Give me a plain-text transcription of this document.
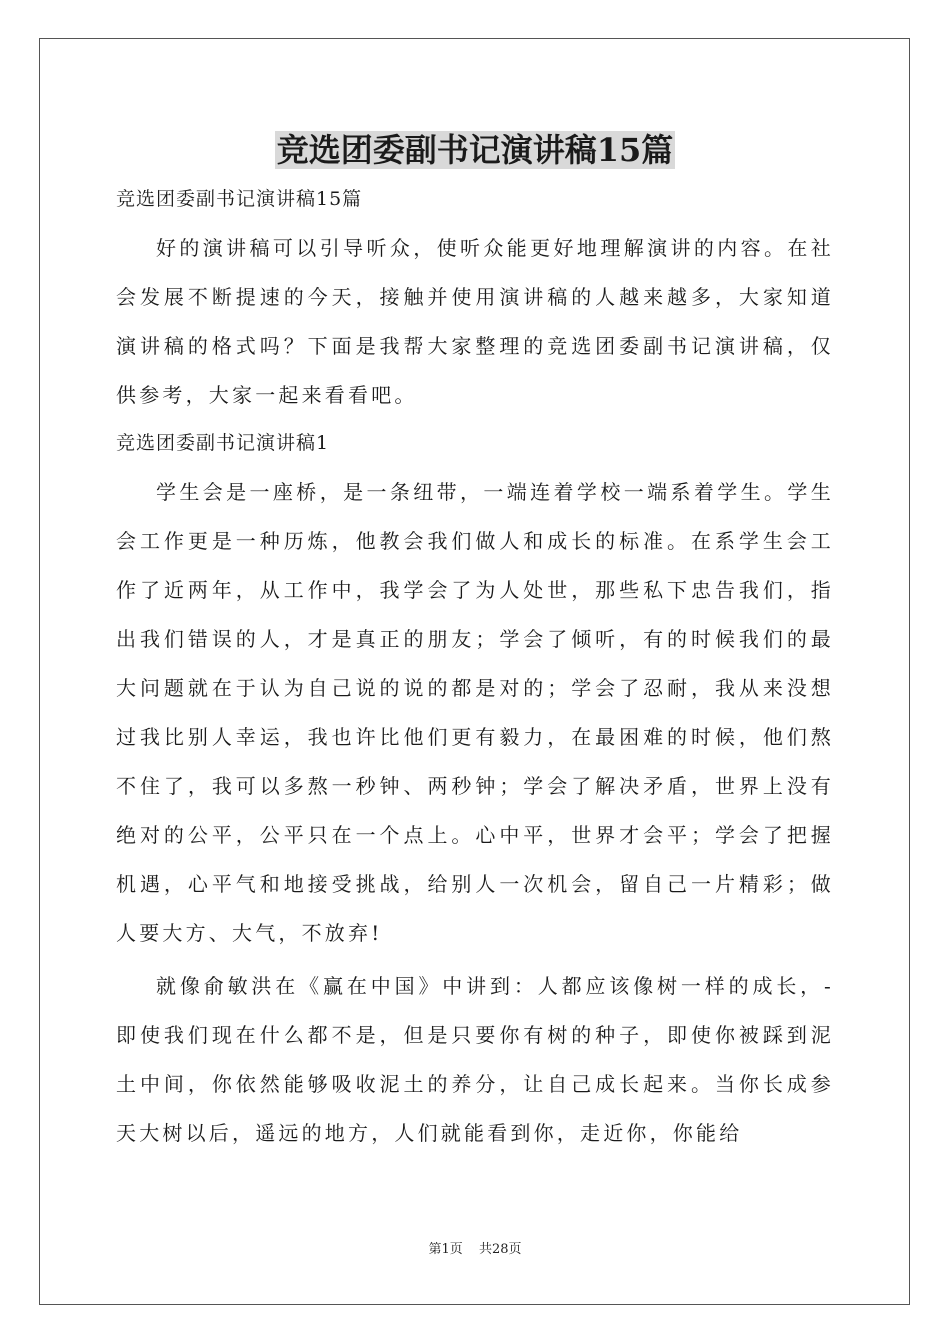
竞选团委副书记演讲稿15篇

竞选团委副书记演讲稿15篇

好的演讲稿可以引导听众，使听众能更好地理解演讲的内容。在社会发展不断提速的今天，接触并使用演讲稿的人越来越多，大家知道演讲稿的格式吗？下面是我帮大家整理的竞选团委副书记演讲稿，仅供参考，大家一起来看看吧。

竞选团委副书记演讲稿1

学生会是一座桥，是一条纽带，一端连着学校一端系着学生。学生会工作更是一种历炼，他教会我们做人和成长的标准。在系学生会工作了近两年，从工作中，我学会了为人处世，那些私下忠告我们，指出我们错误的人，才是真正的朋友；学会了倾听，有的时候我们的最大问题就在于认为自己说的说的都是对的；学会了忍耐，我从来没想过我比别人幸运，我也许比他们更有毅力，在最困难的时候，他们熬不住了，我可以多熬一秒钟、两秒钟；学会了解决矛盾，世界上没有绝对的公平，公平只在一个点上。心中平，世界才会平；学会了把握机遇，心平气和地接受挑战，给别人一次机会，留自己一片精彩；做人要大方、大气，不放弃!

就像俞敏洪在《赢在中国》中讲到：人都应该像树一样的成长，-即使我们现在什么都不是，但是只要你有树的种子，即使你被踩到泥土中间，你依然能够吸收泥土的养分，让自己成长起来。当你长成参天大树以后，遥远的地方，人们就能看到你，走近你，你能给

第1页 共28页
